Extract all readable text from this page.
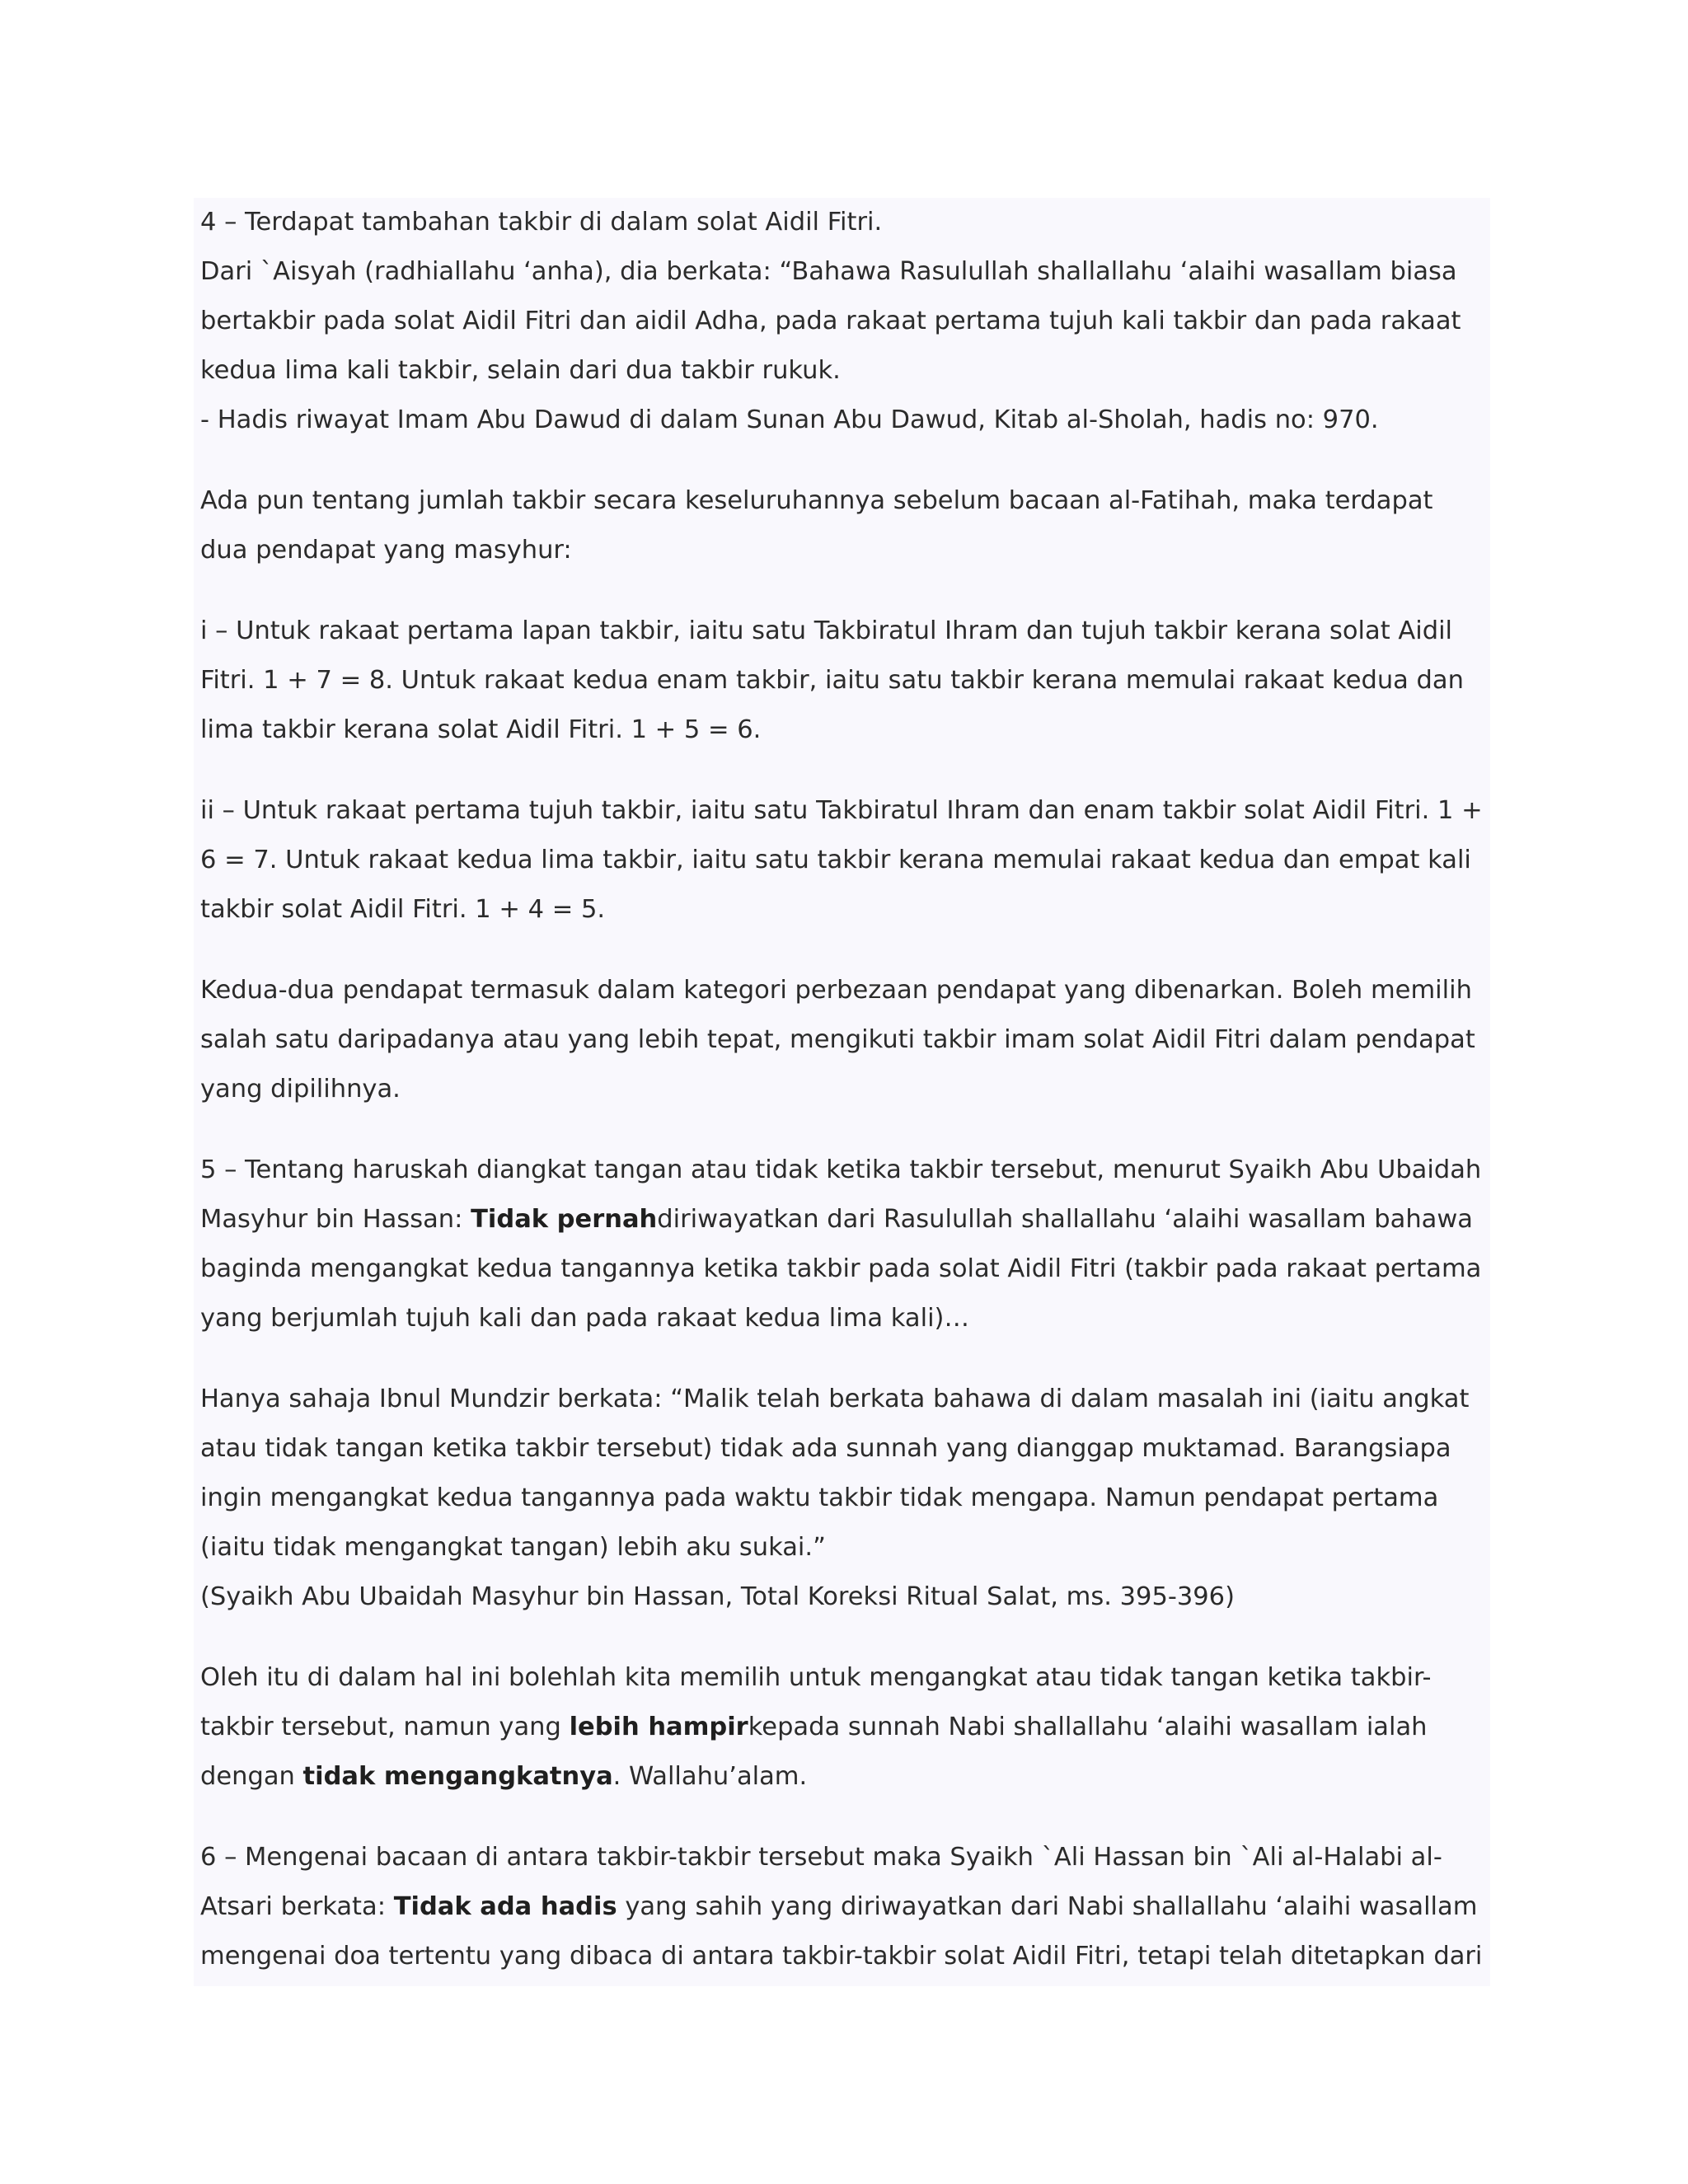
4 – Terdapat tambahan takbir di dalam solat Aidil Fitri.

Dari `Aisyah (radhiallahu ‘anha), dia berkata: “Bahawa Rasulullah shallallahu ‘alaihi wasallam biasa bertakbir pada solat Aidil Fitri dan aidil Adha, pada rakaat pertama tujuh kali takbir dan pada rakaat kedua lima kali takbir, selain dari dua takbir rukuk.

- Hadis riwayat Imam Abu Dawud di dalam Sunan Abu Dawud, Kitab al-Sholah, hadis no: 970.

Ada pun tentang jumlah takbir secara keseluruhannya sebelum bacaan al-Fatihah, maka terdapat dua pendapat yang masyhur:

i – Untuk rakaat pertama lapan takbir, iaitu satu Takbiratul Ihram dan tujuh takbir kerana solat Aidil Fitri. 1 + 7 = 8. Untuk rakaat kedua enam takbir, iaitu satu takbir kerana memulai rakaat kedua dan lima takbir kerana solat Aidil Fitri. 1 + 5 = 6.

ii – Untuk rakaat pertama tujuh takbir, iaitu satu Takbiratul Ihram dan enam takbir solat Aidil Fitri. 1 + 6 = 7. Untuk rakaat kedua lima takbir, iaitu satu takbir kerana memulai rakaat kedua dan empat kali takbir solat Aidil Fitri. 1 + 4 = 5.

Kedua-dua pendapat termasuk dalam kategori perbezaan pendapat yang dibenarkan. Boleh memilih salah satu daripadanya atau yang lebih tepat, mengikuti takbir imam solat Aidil Fitri dalam pendapat yang dipilihnya.

5 – Tentang haruskah diangkat tangan atau tidak ketika takbir tersebut, menurut Syaikh Abu Ubaidah Masyhur bin Hassan: Tidak pernahdiriwayatkan dari Rasulullah shallallahu ‘alaihi wasallam bahawa baginda mengangkat kedua tangannya ketika takbir pada solat Aidil Fitri (takbir pada rakaat pertama yang berjumlah tujuh kali dan pada rakaat kedua lima kali)…

Hanya sahaja Ibnul Mundzir berkata: “Malik telah berkata bahawa di dalam masalah ini (iaitu angkat atau tidak tangan ketika takbir tersebut) tidak ada sunnah yang dianggap muktamad. Barangsiapa ingin mengangkat kedua tangannya pada waktu takbir tidak mengapa. Namun pendapat pertama (iaitu tidak mengangkat tangan) lebih aku sukai.”

(Syaikh Abu Ubaidah Masyhur bin Hassan, Total Koreksi Ritual Salat, ms. 395-396)

Oleh itu di dalam hal ini bolehlah kita memilih untuk mengangkat atau tidak tangan ketika takbir-takbir tersebut, namun yang lebih hampirkepada sunnah Nabi shallallahu ‘alaihi wasallam ialah dengan tidak mengangkatnya. Wallahu’alam.

6 – Mengenai bacaan di antara takbir-takbir tersebut maka Syaikh `Ali Hassan bin `Ali al-Halabi al-Atsari berkata: Tidak ada hadis yang sahih yang diriwayatkan dari Nabi shallallahu ‘alaihi wasallam mengenai doa tertentu yang dibaca di antara takbir-takbir solat Aidil Fitri, tetapi telah ditetapkan dari
